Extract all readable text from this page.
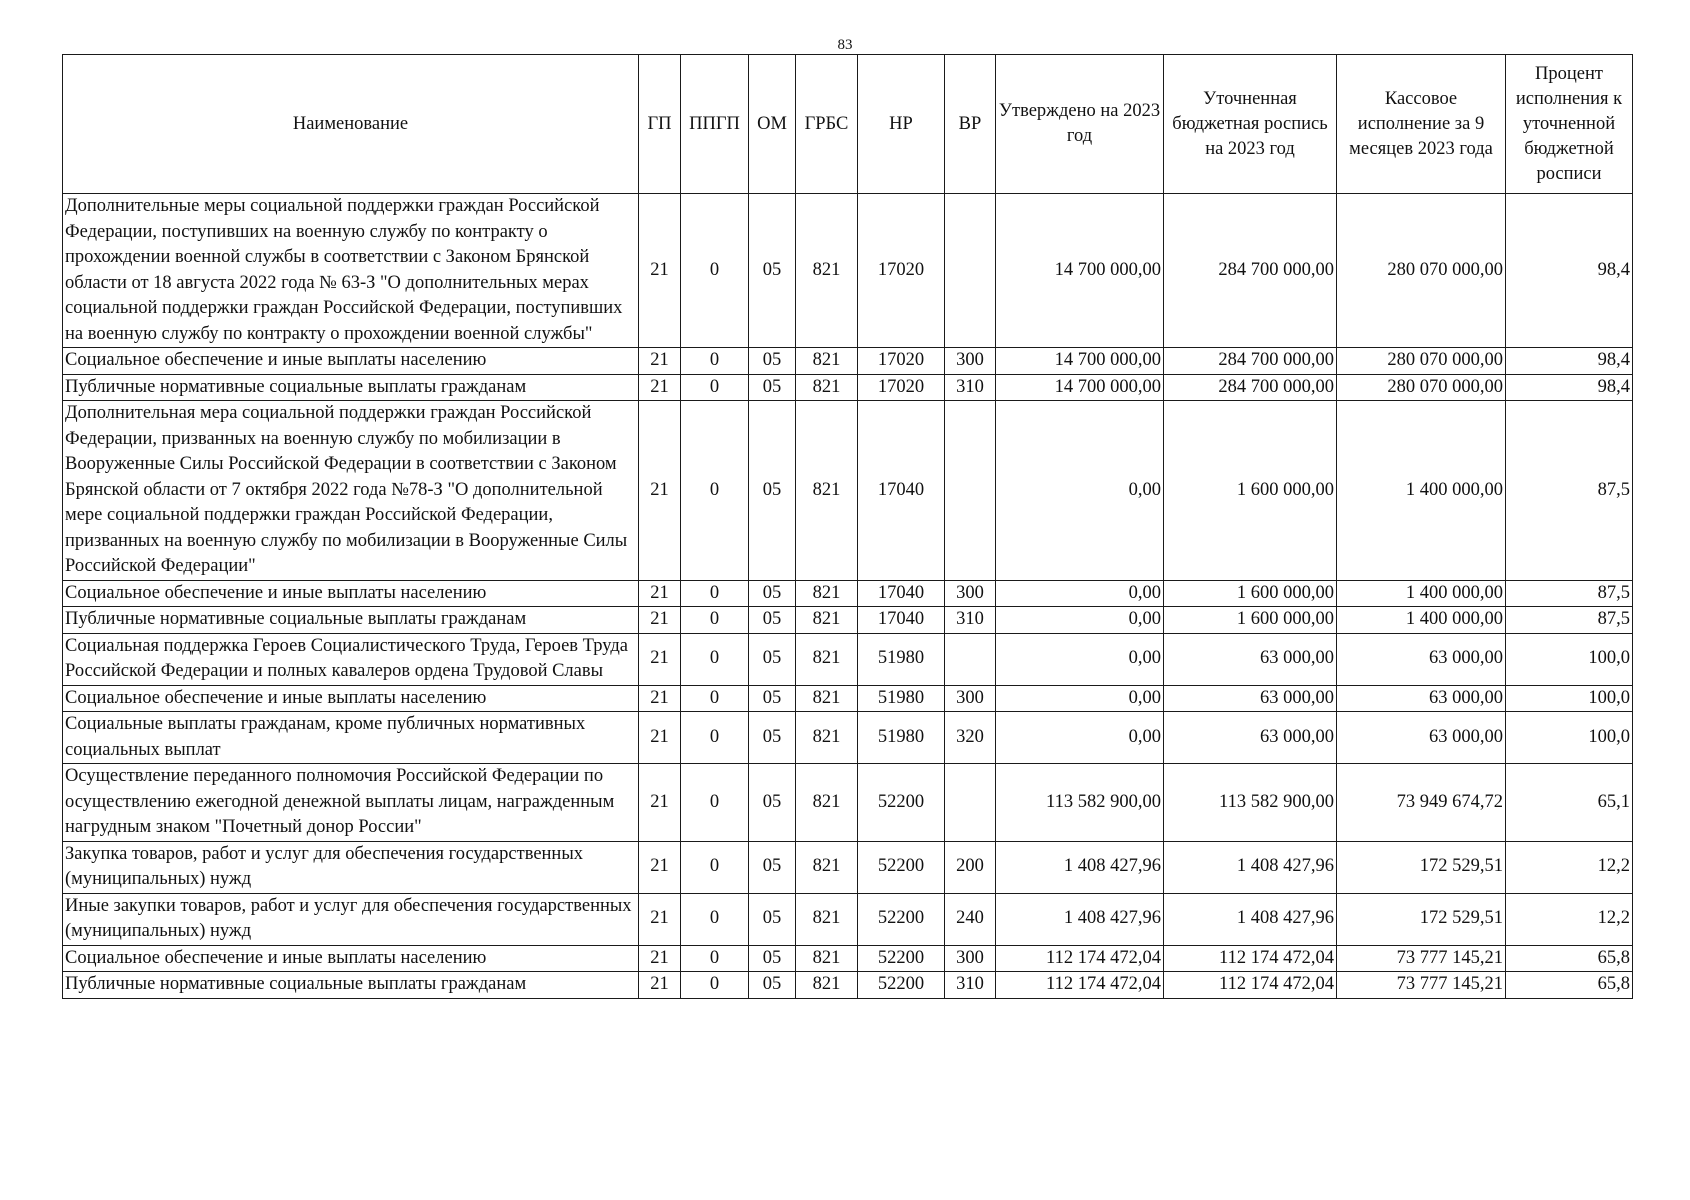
83
Наименование	ГП	ППГП	ОМ	ГРБС	НР	ВР	Утверждено на 2023 год	Уточненная бюджетная роспись на 2023 год	Кассовое исполнение за 9 месяцев 2023 года	Процент исполнения к уточненной бюджетной росписи
Дополнительные меры социальной поддержки граждан Российской Федерации, поступивших на военную службу по контракту о прохождении военной службы в соответствии с Законом Брянской области от 18 августа 2022 года № 63-З "О дополнительных мерах социальной поддержки граждан Российской Федерации, поступивших на военную службу по контракту о прохождении военной службы"	21	0	05	821	17020		14 700 000,00	284 700 000,00	280 070 000,00	98,4
Социальное обеспечение и иные выплаты населению	21	0	05	821	17020	300	14 700 000,00	284 700 000,00	280 070 000,00	98,4
Публичные нормативные социальные выплаты гражданам	21	0	05	821	17020	310	14 700 000,00	284 700 000,00	280 070 000,00	98,4
Дополнительная мера социальной поддержки граждан Российской Федерации, призванных на военную службу по мобилизации в Вооруженные Силы Российской Федерации в соответствии с Законом Брянской области от 7 октября 2022 года №78-З "О дополнительной мере социальной поддержки граждан Российской Федерации, призванных на военную службу по мобилизации в Вооруженные Силы Российской Федерации"	21	0	05	821	17040		0,00	1 600 000,00	1 400 000,00	87,5
Социальное обеспечение и иные выплаты населению	21	0	05	821	17040	300	0,00	1 600 000,00	1 400 000,00	87,5
Публичные нормативные социальные выплаты гражданам	21	0	05	821	17040	310	0,00	1 600 000,00	1 400 000,00	87,5
Социальная поддержка Героев Социалистического Труда, Героев Труда Российской Федерации и полных кавалеров ордена Трудовой Славы	21	0	05	821	51980		0,00	63 000,00	63 000,00	100,0
Социальное обеспечение и иные выплаты населению	21	0	05	821	51980	300	0,00	63 000,00	63 000,00	100,0
Социальные выплаты гражданам, кроме публичных нормативных социальных выплат	21	0	05	821	51980	320	0,00	63 000,00	63 000,00	100,0
Осуществление переданного полномочия Российской Федерации по осуществлению ежегодной денежной выплаты лицам, награжденным нагрудным знаком "Почетный донор России"	21	0	05	821	52200		113 582 900,00	113 582 900,00	73 949 674,72	65,1
Закупка товаров, работ и услуг для обеспечения государственных (муниципальных) нужд	21	0	05	821	52200	200	1 408 427,96	1 408 427,96	172 529,51	12,2
Иные закупки товаров, работ и услуг для обеспечения государственных (муниципальных) нужд	21	0	05	821	52200	240	1 408 427,96	1 408 427,96	172 529,51	12,2
Социальное обеспечение и иные выплаты населению	21	0	05	821	52200	300	112 174 472,04	112 174 472,04	73 777 145,21	65,8
Публичные нормативные социальные выплаты гражданам	21	0	05	821	52200	310	112 174 472,04	112 174 472,04	73 777 145,21	65,8
